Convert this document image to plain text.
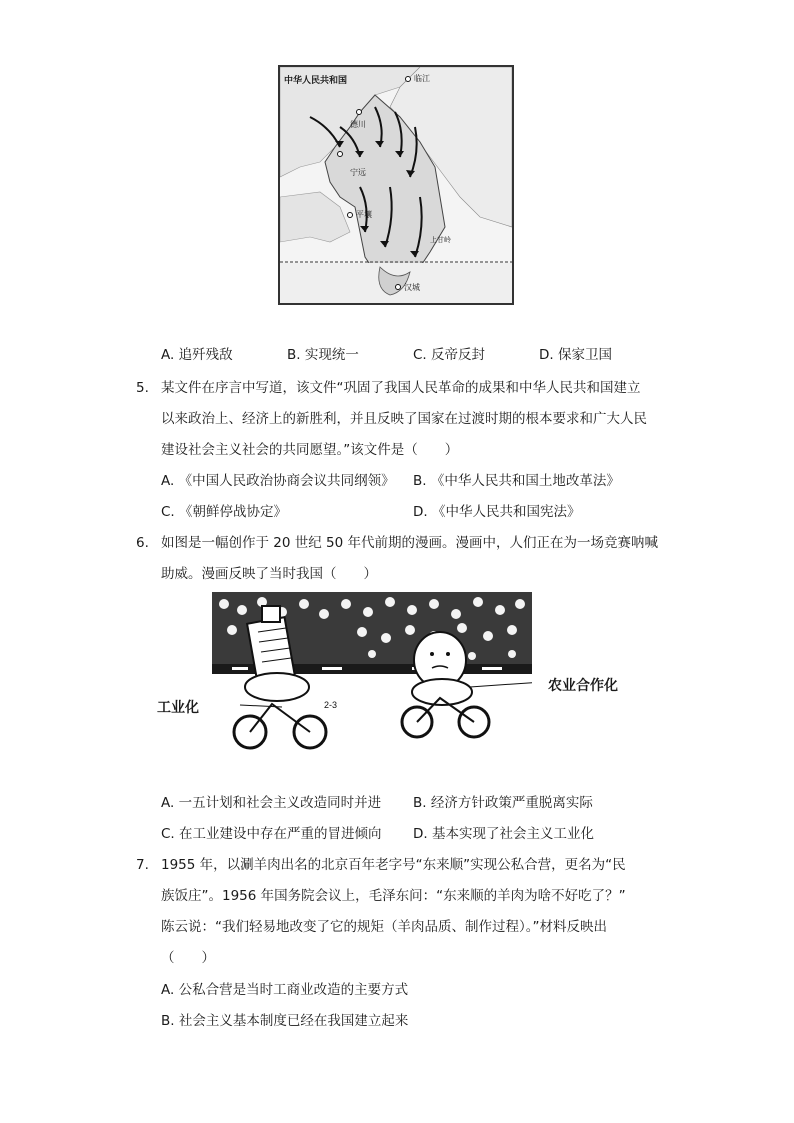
中华人民共和国	临江
德川
宁远
平壤
上甘岭
汉城
A. 追歼残敌	B. 实现统一	C. 反帝反封	D. 保家卫国
5. 某文件在序言中写道，该文件“巩固了我国人民革命的成果和中华人民共和国建立
以来政治上、经济上的新胜利，并且反映了国家在过渡时期的根本要求和广大人民
建设社会主义社会的共同愿望。”该文件是（　　）
A. 《中国人民政治协商会议共同纲领》 B. 《中华人民共和国土地改革法》
C. 《朝鲜停战协定》	D. 《中华人民共和国宪法》
6. 如图是一幅创作于 20 世纪 50 年代前期的漫画。漫画中，人们正在为一场竞赛呐喊
助威。漫画反映了当时我国（　　）
2-3
工业化
农业合作化
A. 一五计划和社会主义改造同时并进 B. 经济方针政策严重脱离实际
C. 在工业建设中存在严重的冒进倾向 D. 基本实现了社会主义工业化
7. 1955 年，以涮羊肉出名的北京百年老字号“东来顺”实现公私合营，更名为“民
族饭庄”。1956 年国务院会议上，毛泽东问：“东来顺的羊肉为啥不好吃了？”
陈云说：“我们轻易地改变了它的规矩（羊肉品质、制作过程）。”材料反映出
（　　）
A. 公私合营是当时工商业改造的主要方式
B. 社会主义基本制度已经在我国建立起来
